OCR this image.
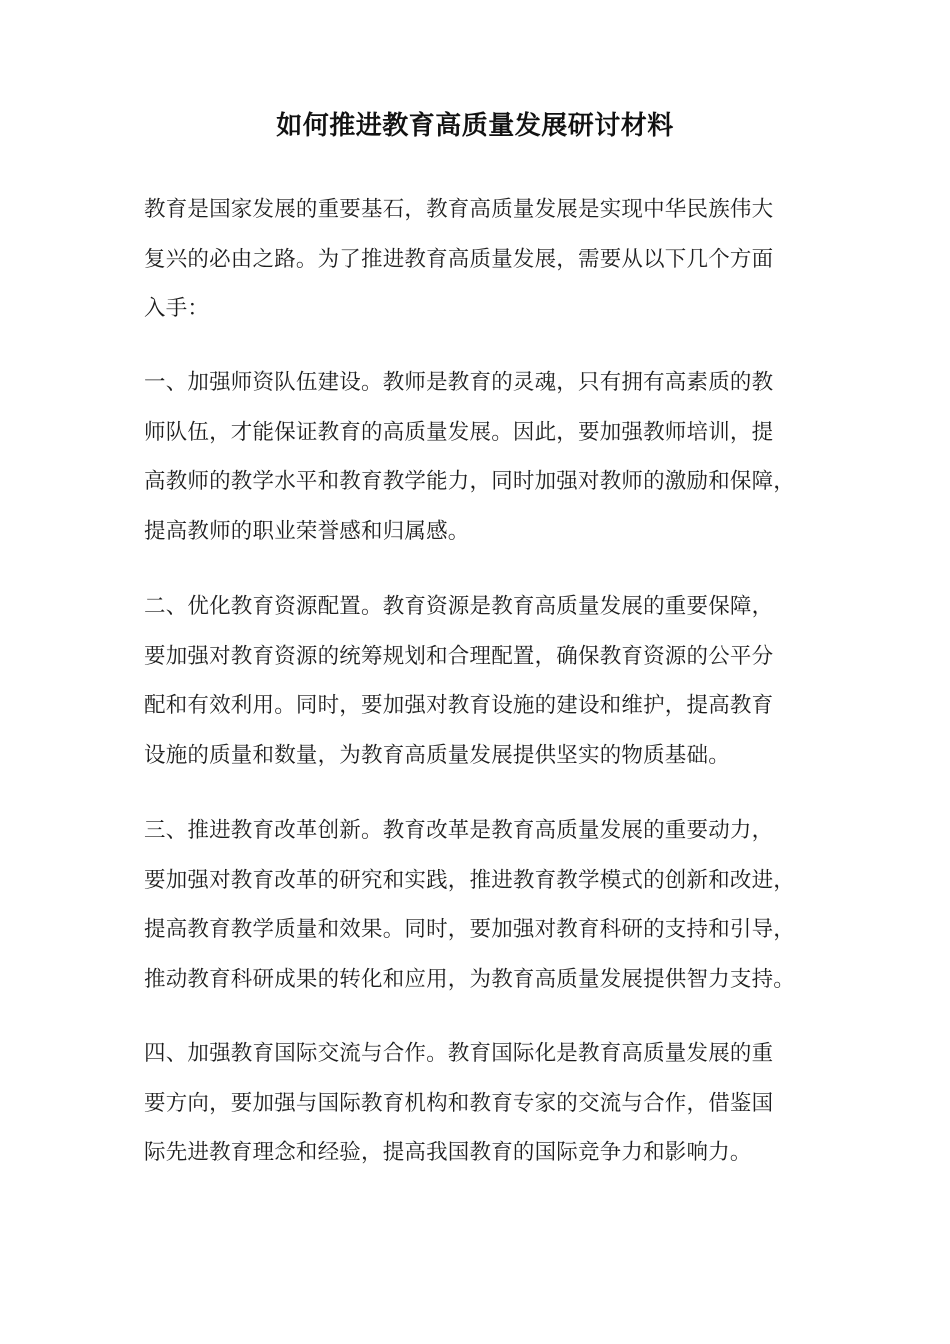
如何推进教育高质量发展研讨材料

教育是国家发展的重要基石，教育高质量发展是实现中华民族伟大
复兴的必由之路。为了推进教育高质量发展，需要从以下几个方面
入手：

一、加强师资队伍建设。教师是教育的灵魂，只有拥有高素质的教
师队伍，才能保证教育的高质量发展。因此，要加强教师培训，提
高教师的教学水平和教育教学能力，同时加强对教师的激励和保障，
提高教师的职业荣誉感和归属感。

二、优化教育资源配置。教育资源是教育高质量发展的重要保障，
要加强对教育资源的统筹规划和合理配置，确保教育资源的公平分
配和有效利用。同时，要加强对教育设施的建设和维护，提高教育
设施的质量和数量，为教育高质量发展提供坚实的物质基础。

三、推进教育改革创新。教育改革是教育高质量发展的重要动力，
要加强对教育改革的研究和实践，推进教育教学模式的创新和改进，
提高教育教学质量和效果。同时，要加强对教育科研的支持和引导，
推动教育科研成果的转化和应用，为教育高质量发展提供智力支持。

四、加强教育国际交流与合作。教育国际化是教育高质量发展的重
要方向，要加强与国际教育机构和教育专家的交流与合作，借鉴国
际先进教育理念和经验，提高我国教育的国际竞争力和影响力。
